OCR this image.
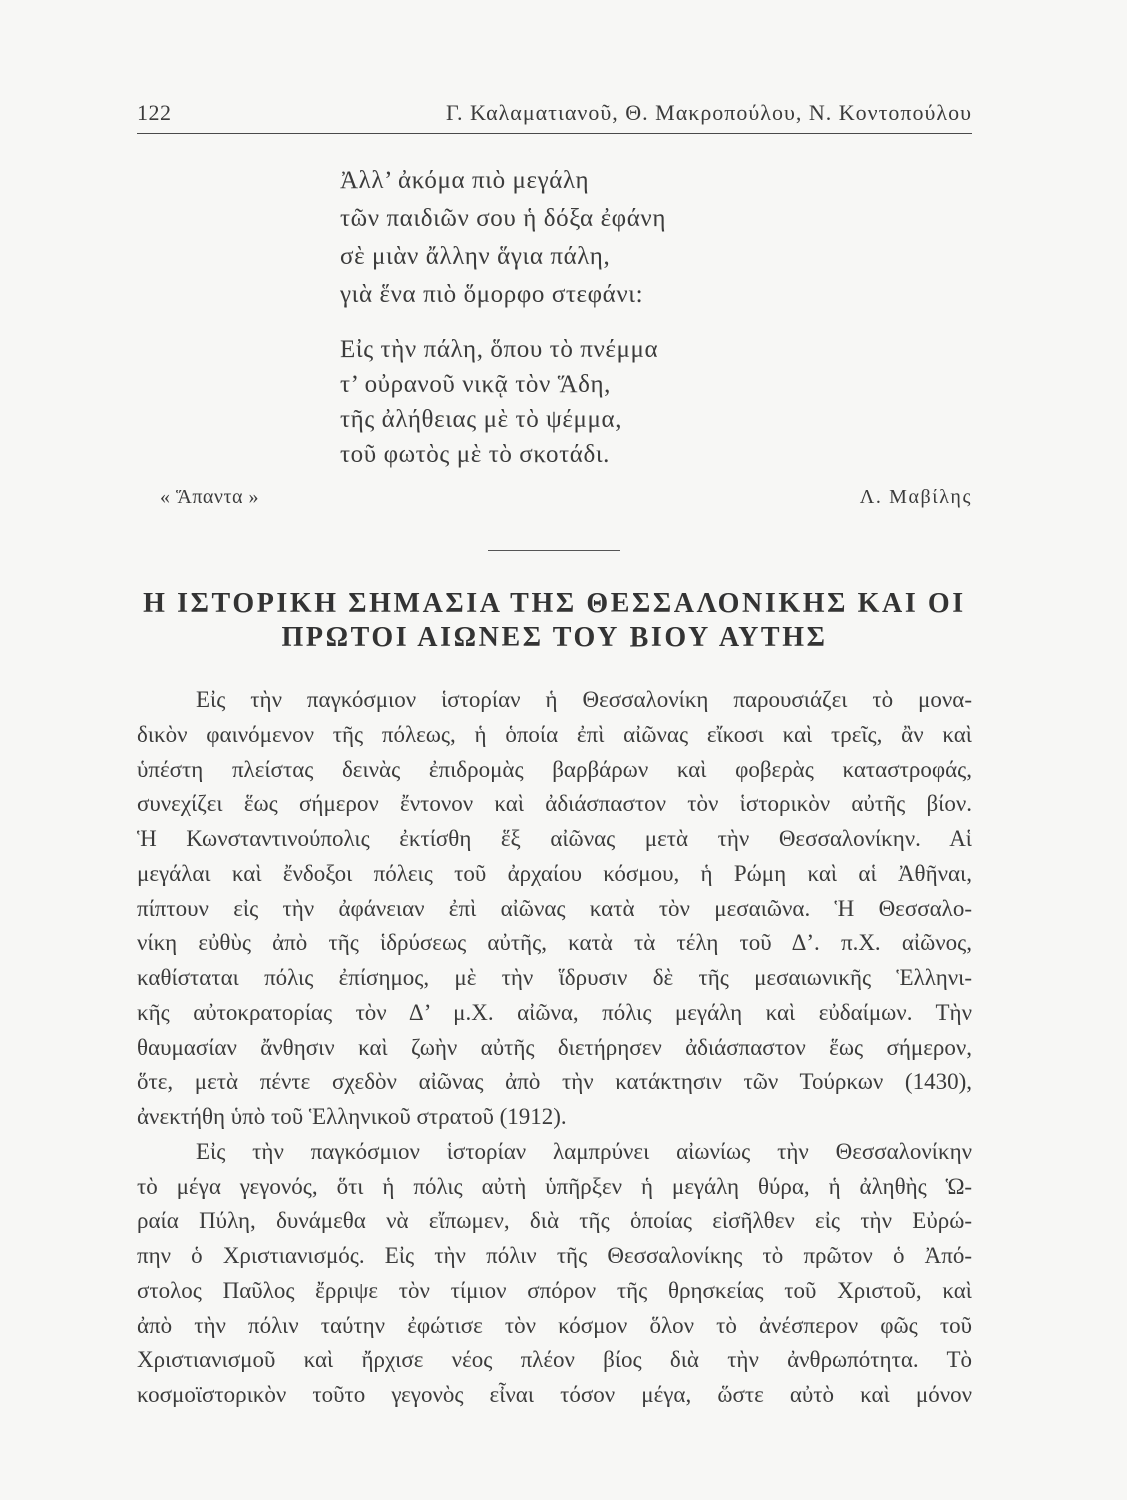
122	Γ. Καλαματιανοῦ, Θ. Μακροπούλου, Ν. Κοντοπούλου
Ἀλλ’ ἀκόμα πιὸ μεγάλη
τῶν παιδιῶν σου ἡ δόξα ἐφάνη
σὲ μιὰν ἄλλην ἅγια πάλη,
γιὰ ἕνα πιὸ ὅμορφο στεφάνι:
Εἰς τὴν πάλη, ὅπου τὸ πνέμμα
τ’ οὐρανοῦ νικᾷ τὸν Ἅδη,
τῆς ἀλήθειας μὲ τὸ ψέμμα,
τοῦ φωτὸς μὲ τὸ σκοτάδι.
« Ἅπαντα »	Λ. Μαβίλης
Η ΙΣΤΟΡΙΚΗ ΣΗΜΑΣΙΑ ΤΗΣ ΘΕΣΣΑΛΟΝΙΚΗΣ ΚΑΙ ΟΙ
ΠΡΩΤΟΙ ΑΙΩΝΕΣ ΤΟΥ ΒΙΟΥ ΑΥΤΗΣ
Εἰς τὴν παγκόσμιον ἱστορίαν ἡ Θεσσαλονίκη παρουσιάζει τὸ μονα-
δικὸν φαινόμενον τῆς πόλεως, ἡ ὁποία ἐπὶ αἰῶνας εἴκοσι καὶ τρεῖς, ἂν καὶ
ὑπέστη πλείστας δεινὰς ἐπιδρομὰς βαρβάρων καὶ φοβερὰς καταστροφάς,
συνεχίζει ἕως σήμερον ἔντονον καὶ ἀδιάσπαστον τὸν ἱστορικὸν αὐτῆς βίον.
Ἡ Κωνσταντινούπολις ἐκτίσθη ἕξ αἰῶνας μετὰ τὴν Θεσσαλονίκην. Αἱ
μεγάλαι καὶ ἔνδοξοι πόλεις τοῦ ἀρχαίου κόσμου, ἡ Ρώμη καὶ αἱ Ἀθῆναι,
πίπτουν εἰς τὴν ἀφάνειαν ἐπὶ αἰῶνας κατὰ τὸν μεσαιῶνα. Ἡ Θεσσαλο-
νίκη εὐθὺς ἀπὸ τῆς ἱδρύσεως αὐτῆς, κατὰ τὰ τέλη τοῦ Δ’. π.Χ. αἰῶνος,
καθίσταται πόλις ἐπίσημος, μὲ τὴν ἵδρυσιν δὲ τῆς μεσαιωνικῆς Ἑλληνι-
κῆς αὐτοκρατορίας τὸν Δ’ μ.Χ. αἰῶνα, πόλις μεγάλη καὶ εὐδαίμων. Τὴν
θαυμασίαν ἄνθησιν καὶ ζωὴν αὐτῆς διετήρησεν ἀδιάσπαστον ἕως σήμερον,
ὅτε, μετὰ πέντε σχεδὸν αἰῶνας ἀπὸ τὴν κατάκτησιν τῶν Τούρκων (1430),
ἀνεκτήθη ὑπὸ τοῦ Ἑλληνικοῦ στρατοῦ (1912).
Εἰς τὴν παγκόσμιον ἱστορίαν λαμπρύνει αἰωνίως τὴν Θεσσαλονίκην
τὸ μέγα γεγονός, ὅτι ἡ πόλις αὐτὴ ὑπῆρξεν ἡ μεγάλη θύρα, ἡ ἀληθὴς Ὡ-
ραία Πύλη, δυνάμεθα νὰ εἴπωμεν, διὰ τῆς ὁποίας εἰσῆλθεν εἰς τὴν Εὐρώ-
πην ὁ Χριστιανισμός. Εἰς τὴν πόλιν τῆς Θεσσαλονίκης τὸ πρῶτον ὁ Ἀπό-
στολος Παῦλος ἔρριψε τὸν τίμιον σπόρον τῆς θρησκείας τοῦ Χριστοῦ, καὶ
ἀπὸ τὴν πόλιν ταύτην ἐφώτισε τὸν κόσμον ὅλον τὸ ἀνέσπερον φῶς τοῦ
Χριστιανισμοῦ καὶ ἤρχισε νέος πλέον βίος διὰ τὴν ἀνθρωπότητα. Τὸ
κοσμοϊστορικὸν τοῦτο γεγονὸς εἶναι τόσον μέγα, ὥστε αὐτὸ καὶ μόνον
